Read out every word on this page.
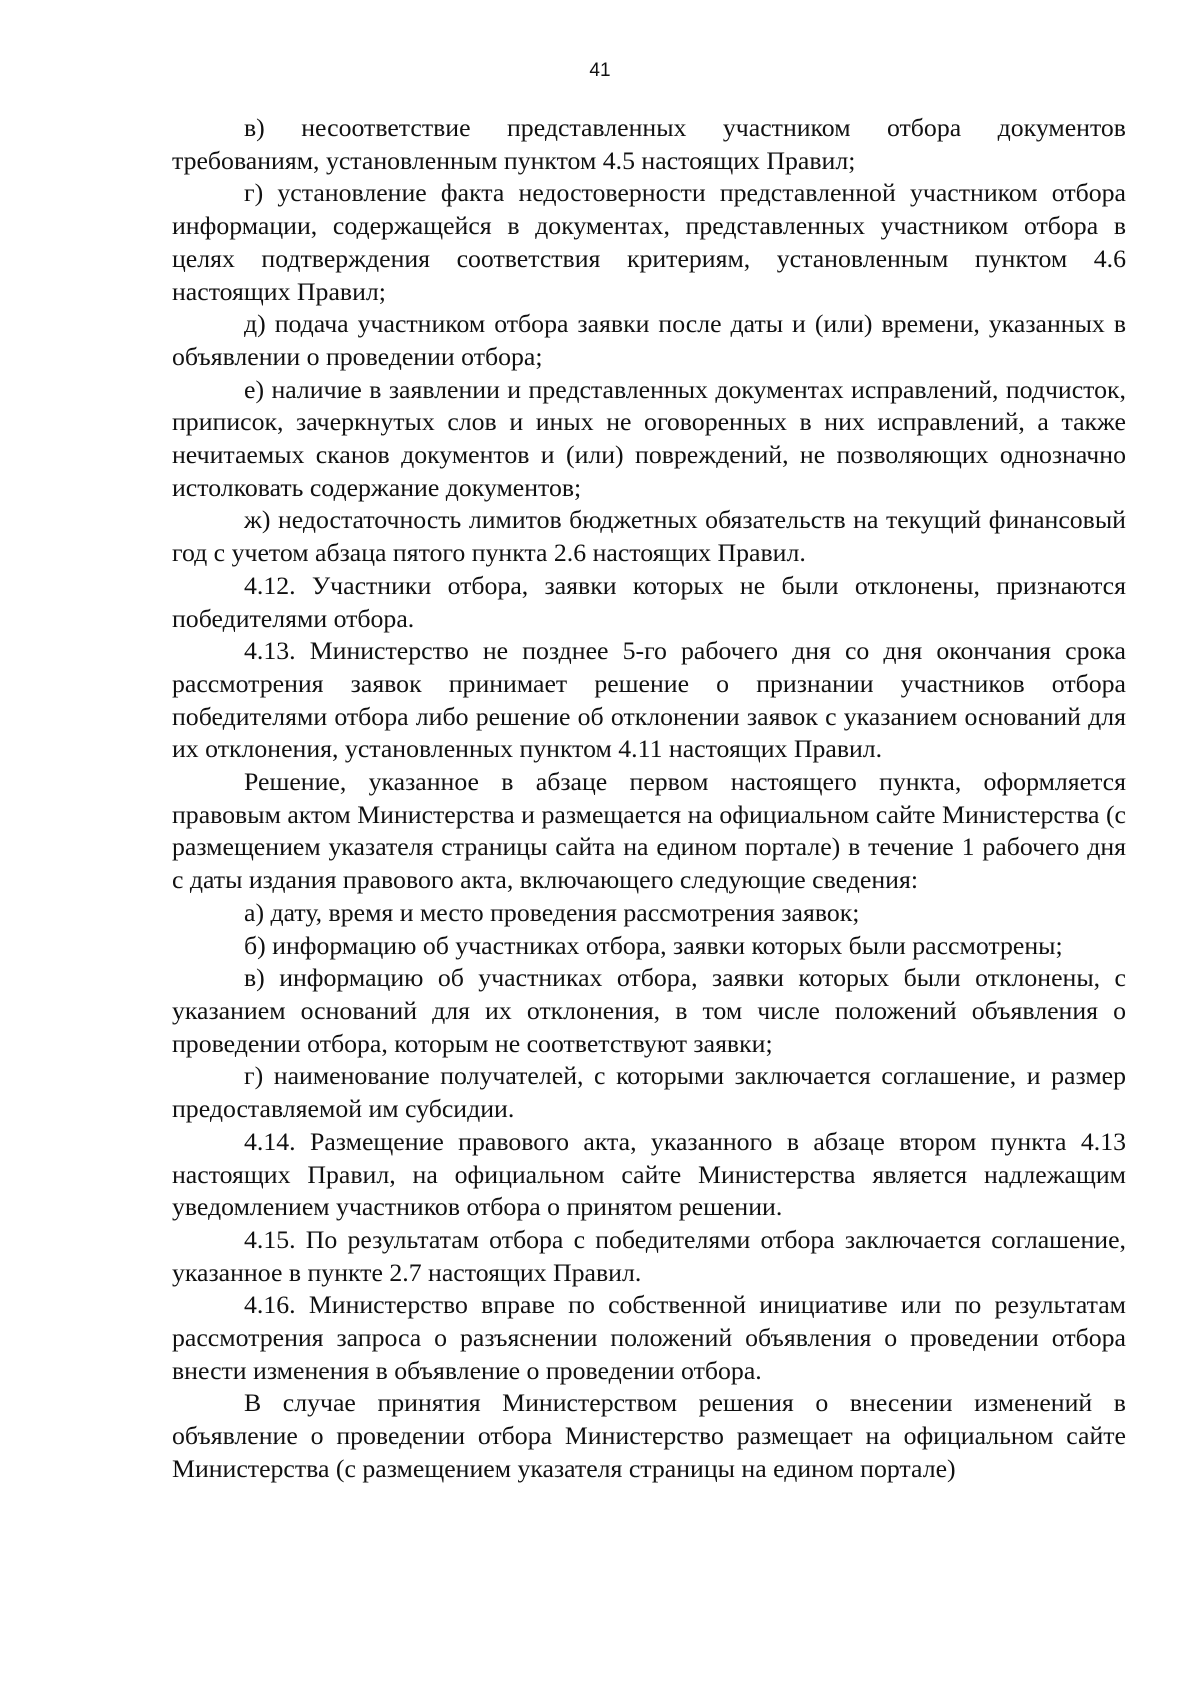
41

в) несоответствие представленных участником отбора документов требованиям, установленным пунктом 4.5 настоящих Правил;

г) установление факта недостоверности представленной участником отбора информации, содержащейся в документах, представленных участником отбора в целях подтверждения соответствия критериям, установленным пунктом 4.6 настоящих Правил;

д) подача участником отбора заявки после даты и (или) времени, указанных в объявлении о проведении отбора;

е) наличие в заявлении и представленных документах исправлений, подчисток, приписок, зачеркнутых слов и иных не оговоренных в них исправлений, а также нечитаемых сканов документов и (или) повреждений, не позволяющих однозначно истолковать содержание документов;

ж) недостаточность лимитов бюджетных обязательств на текущий финансовый год с учетом абзаца пятого пункта 2.6 настоящих Правил.

4.12. Участники отбора, заявки которых не были отклонены, признаются победителями отбора.

4.13. Министерство не позднее 5-го рабочего дня со дня окончания срока рассмотрения заявок принимает решение о признании участников отбора победителями отбора либо решение об отклонении заявок с указанием оснований для их отклонения, установленных пунктом 4.11 настоящих Правил.

Решение, указанное в абзаце первом настоящего пункта, оформляется правовым актом Министерства и размещается на официальном сайте Министерства (с размещением указателя страницы сайта на едином портале) в течение 1 рабочего дня с даты издания правового акта, включающего следующие сведения:

а) дату, время и место проведения рассмотрения заявок;

б) информацию об участниках отбора, заявки которых были рассмотрены;

в) информацию об участниках отбора, заявки которых были отклонены, с указанием оснований для их отклонения, в том числе положений объявления о проведении отбора, которым не соответствуют заявки;

г) наименование получателей, с которыми заключается соглашение, и размер предоставляемой им субсидии.

4.14. Размещение правового акта, указанного в абзаце втором пункта 4.13 настоящих Правил, на официальном сайте Министерства является надлежащим уведомлением участников отбора о принятом решении.

4.15. По результатам отбора с победителями отбора заключается соглашение, указанное в пункте 2.7 настоящих Правил.

4.16. Министерство вправе по собственной инициативе или по результатам рассмотрения запроса о разъяснении положений объявления о проведении отбора внести изменения в объявление о проведении отбора.

В случае принятия Министерством решения о внесении изменений в объявление о проведении отбора Министерство размещает на официальном сайте Министерства (с размещением указателя страницы на едином портале)
